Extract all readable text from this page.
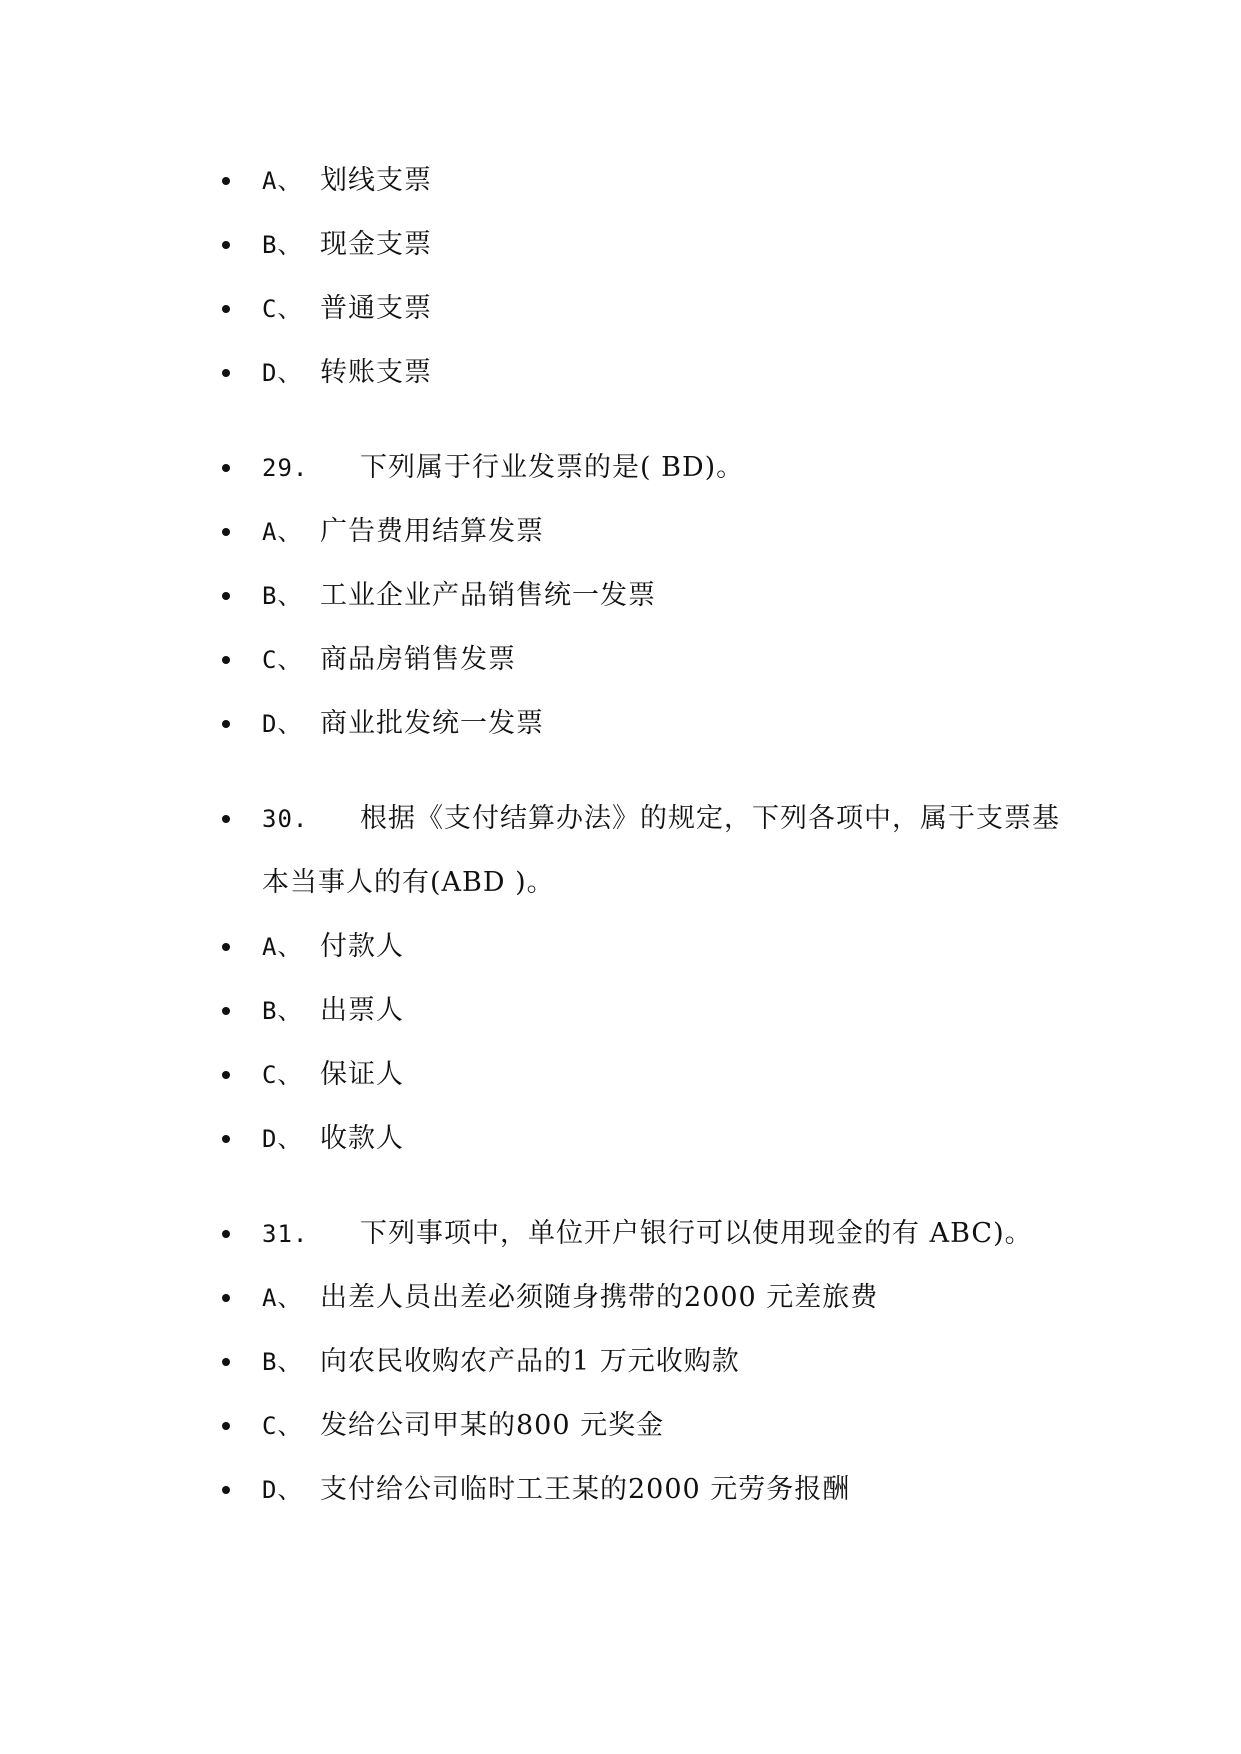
A、 划线支票
B、 现金支票
C、 普通支票
D、 转账支票
29. 下列属于行业发票的是( BD)。
A、 广告费用结算发票
B、 工业企业产品销售统一发票
C、 商品房销售发票
D、 商业批发统一发票
30. 根据《支付结算办法》的规定，下列各项中，属于支票基
本当事人的有(ABD )。
A、 付款人
B、 出票人
C、 保证人
D、 收款人
31. 下列事项中，单位开户银行可以使用现金的有 ABC)。
A、 出差人员出差必须随身携带的2000 元差旅费
B、 向农民收购农产品的1 万元收购款
C、 发给公司甲某的800 元奖金
D、 支付给公司临时工王某的2000 元劳务报酬
